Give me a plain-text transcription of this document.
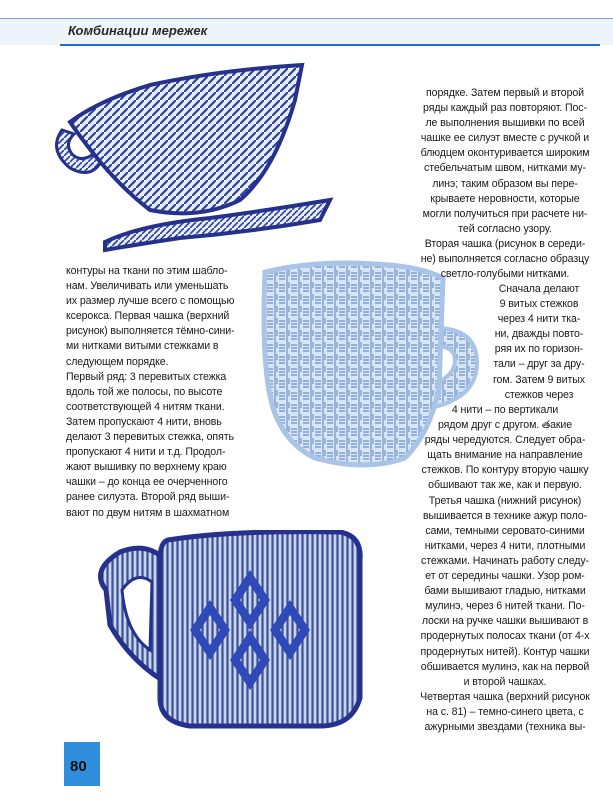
Комбинации мережек

контуры на ткани по этим шабло-

нам. Увеличивать или уменьшать

их размер лучше всего с помощью

ксерокса. Первая чашка (верхний

рисунок) выполняется тёмно-сини-

ми нитками витыми стежками в

следующем порядке.

Первый ряд: 3 перевитых стежка

вдоль той же полосы, по высоте

соответствующей 4 нитям ткани.

Затем пропускают 4 нити, вновь

делают 3 перевитых стежка, опять

пропускают 4 нити и т.д. Продол-

жают вышивку по верхнему краю

чашки – до конца ее очерченного

ранее силуэта. Второй ряд выши-

вают по двум нитям в шахматном

порядке. Затем первый и второй

ряды каждый раз повторяют. Пос-

ле выполнения вышивки по всей

чашке ее силуэт вместе с ручкой и

блюдцем оконтуривается широким

стебельчатым швом, нитками му-

линэ; таким образом вы пере-

крываете неровности, которые

могли получиться при расчете ни-

тей согласно узору.

Вторая чашка (рисунок в середи-

не) выполняется согласно образцу

светло-голубыми нитками.

Сначала делают

9 витых стежков

через 4 нити тка-

ни, дважды повто-

ряя их по горизон-

тали – друг за дру-

гом. Затем 9 витых

стежков через

4 нити – по вертикали

рядом друг с другом. తакие

ряды чередуются. Следует обра-

щать внимание на направление

стежков. По контуру вторую чашку

обшивают так же, как и первую.

Третья чашка (нижний рисунок)

вышивается в технике ажур поло-

сами, темными серовато-синими

нитками, через 4 нити, плотными

стежками. Начинать работу следу-

ет от середины чашки. Узор ром-

бами вышивают гладью, нитками

мулинэ, через 6 нитей ткани. По-

лоски на ручке чашки вышивают в

продернутых полосах ткани (от 4-х

продернутых нитей). Контур чашки

обшивается мулинэ, как на первой

и второй чашках.

Четвертая чашка (верхний рисунок

на с. 81) – темно-синего цвета, с

ажурными звездами (техника вы-

80
